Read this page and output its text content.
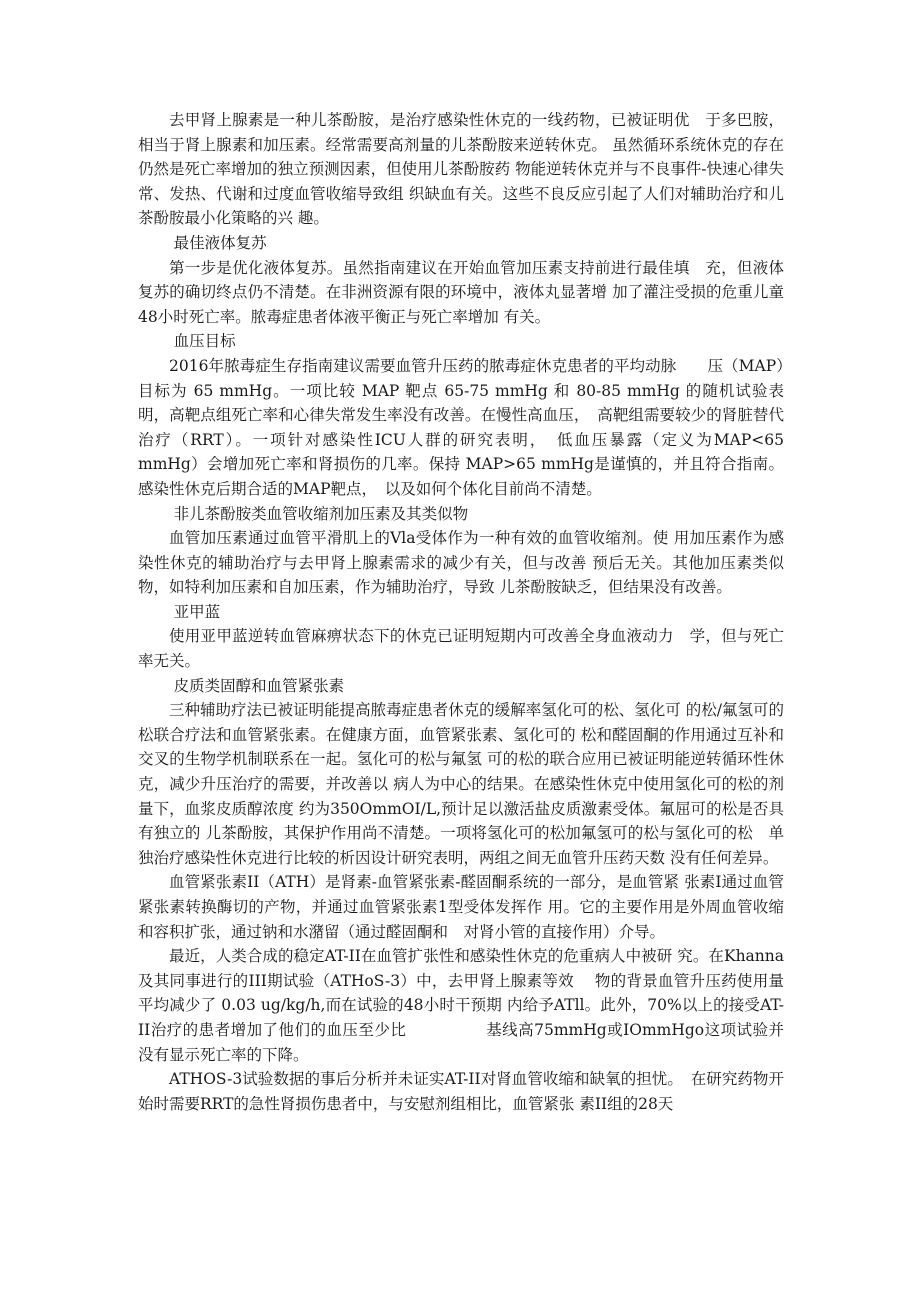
去甲肾上腺素是一种儿茶酚胺，是治疗感染性休克的一线药物，已被证明优　于多巴胺，相当于肾上腺素和加压素。经常需要高剂量的儿茶酚胺来逆转休克。 虽然循环系统休克的存在仍然是死亡率增加的独立预测因素，但使用儿茶酚胺药 物能逆转休克并与不良事件-快速心律失常、发热、代谢和过度血管收缩导致组 织缺血有关。这些不良反应引起了人们对辅助治疗和儿茶酚胺最小化策略的兴 趣。

最佳液体复苏

第一步是优化液体复苏。虽然指南建议在开始血管加压素支持前进行最佳填　充，但液体复苏的确切终点仍不清楚。在非洲资源有限的环境中，液体丸显著增 加了灌注受损的危重儿童48小时死亡率。脓毒症患者体液平衡正与死亡率增加 有关。

血压目标

2016年脓毒症生存指南建议需要血管升压药的脓毒症休克患者的平均动脉　　压（MAP）目标为 65 mmHg。一项比较 MAP 靶点 65-75 mmHg 和 80-85 mmHg 的随机试验表明，高靶点组死亡率和心律失常发生率没有改善。在慢性高血压，　高靶组需要较少的肾脏替代治疗（RRT）。一项针对感染性ICU人群的研究表明，　低血压暴露（定义为MAP<65 mmHg）会增加死亡率和肾损伤的几率。保持 MAP>65 mmHg是谨慎的，并且符合指南。感染性休克后期合适的MAP靶点，　以及如何个体化目前尚不清楚。

非儿茶酚胺类血管收缩剂加压素及其类似物

血管加压素通过血管平滑肌上的Vla受体作为一种有效的血管收缩剂。使 用加压素作为感染性休克的辅助治疗与去甲肾上腺素需求的减少有关，但与改善 预后无关。其他加压素类似物，如特利加压素和自加压素，作为辅助治疗，导致 儿茶酚胺缺乏，但结果没有改善。

亚甲蓝

使用亚甲蓝逆转血管麻痹状态下的休克已证明短期内可改善全身血液动力　学，但与死亡率无关。

皮质类固醇和血管紧张素

三种辅助疗法已被证明能提高脓毒症患者休克的缓解率氢化可的松、氢化可 的松/氟氢可的松联合疗法和血管紧张素。在健康方面，血管紧张素、氢化可的 松和醛固酮的作用通过互补和交叉的生物学机制联系在一起。氢化可的松与氟氢 可的松的联合应用已被证明能逆转循环性休克，减少升压治疗的需要，并改善以 病人为中心的结果。在感染性休克中使用氢化可的松的剂量下，血浆皮质醇浓度 约为350OmmOI/L,预计足以激活盐皮质激素受体。氟屈可的松是否具有独立的 儿茶酚胺，其保护作用尚不清楚。一项将氢化可的松加氟氢可的松与氢化可的松　单独治疗感染性休克进行比较的析因设计研究表明，两组之间无血管升压药天数 没有任何差异。

血管紧张素II（ATH）是肾素-血管紧张素-醛固酮系统的一部分，是血管紧 张素I通过血管紧张素转换酶切的产物，并通过血管紧张素1型受体发挥作 用。它的主要作用是外周血管收缩和容积扩张，通过钠和水潴留（通过醛固酮和　对肾小管的直接作用）介导。

最近，人类合成的稳定AT-II在血管扩张性和感染性休克的危重病人中被研 究。在Khanna及其同事进行的III期试验（ATHoS-3）中，去甲肾上腺素等效　 物的背景血管升压药使用量平均减少了 0.03 ug/kg/h,而在试验的48小时干预期 内给予ATll。此外，70%以上的接受AT-II治疗的患者增加了他们的血压至少比　　　　　基线高75mmHg或IOmmHgo这项试验并没有显示死亡率的下降。

ATHOS-3试验数据的事后分析并未证实AT-II对肾血管收缩和缺氧的担忧。　在研究药物开始时需要RRT的急性肾损伤患者中，与安慰剂组相比，血管紧张 素II组的28天
